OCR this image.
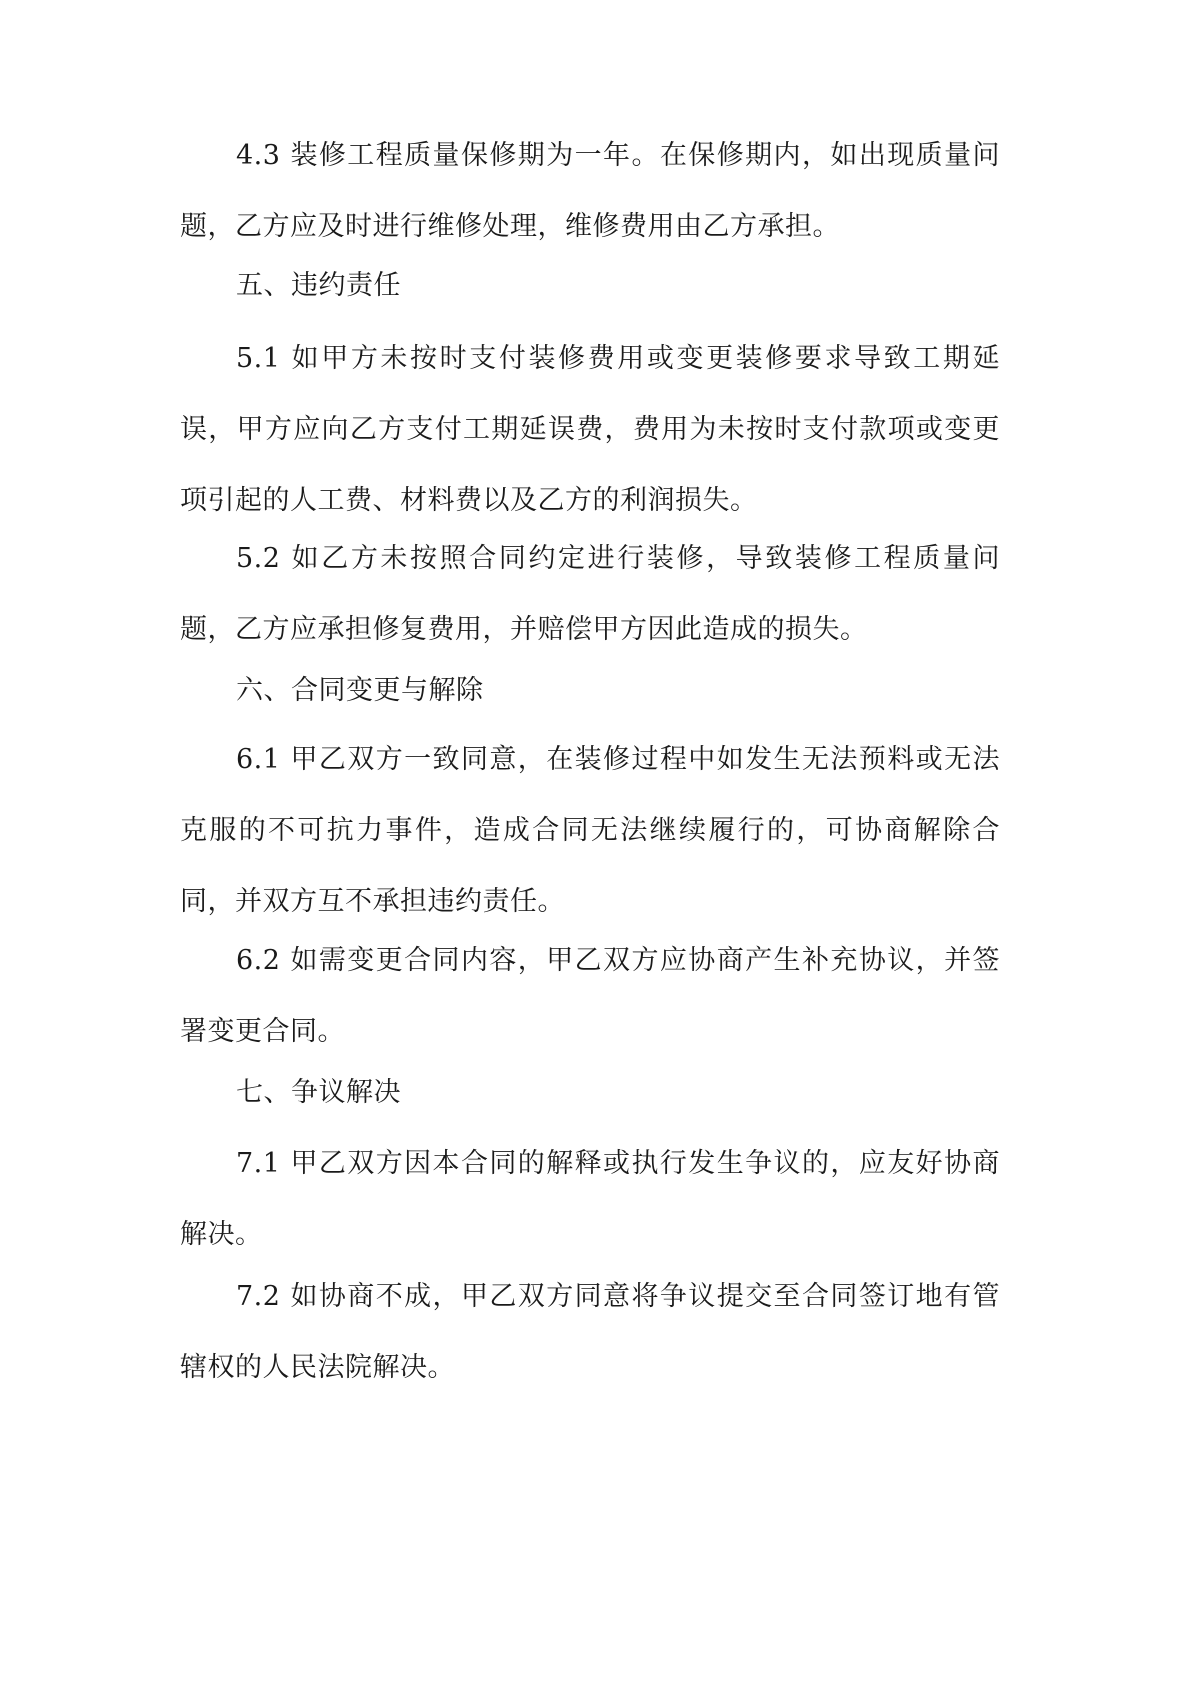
4.3 装修工程质量保修期为一年。在保修期内，如出现质量问题，乙方应及时进行维修处理，维修费用由乙方承担。

五、违约责任

5.1 如甲方未按时支付装修费用或变更装修要求导致工期延误，甲方应向乙方支付工期延误费，费用为未按时支付款项或变更项引起的人工费、材料费以及乙方的利润损失。

5.2 如乙方未按照合同约定进行装修，导致装修工程质量问题，乙方应承担修复费用，并赔偿甲方因此造成的损失。

六、合同变更与解除

6.1 甲乙双方一致同意，在装修过程中如发生无法预料或无法克服的不可抗力事件，造成合同无法继续履行的，可协商解除合同，并双方互不承担违约责任。

6.2 如需变更合同内容，甲乙双方应协商产生补充协议，并签署变更合同。

七、争议解决

7.1 甲乙双方因本合同的解释或执行发生争议的，应友好协商解决。

7.2 如协商不成，甲乙双方同意将争议提交至合同签订地有管辖权的人民法院解决。
